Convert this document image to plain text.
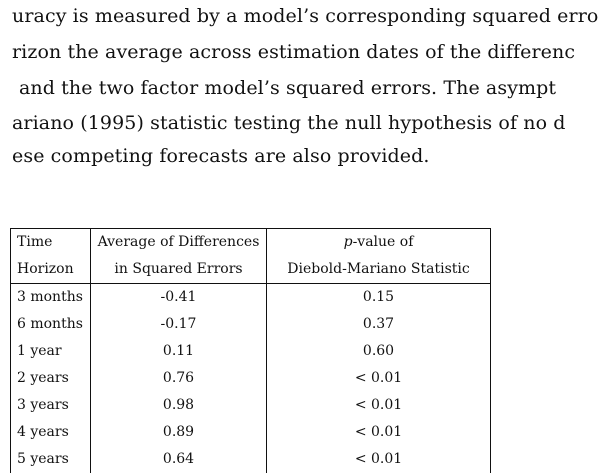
uracy is measured by a model’s corresponding squared erro
rizon the average across estimation dates of the differenc
and the two factor model’s squared errors. The asympt
ariano (1995) statistic testing the null hypothesis of no d
ese competing forecasts are also provided.
Time	Average of Differences	p-value of
Horizon	in Squared Errors	Diebold-Mariano Statistic
3 months	-0.41	0.15
6 months	-0.17	0.37
1 year	0.11	0.60
2 years	0.76	< 0.01
3 years	0.98	< 0.01
4 years	0.89	< 0.01
5 years	0.64	< 0.01
